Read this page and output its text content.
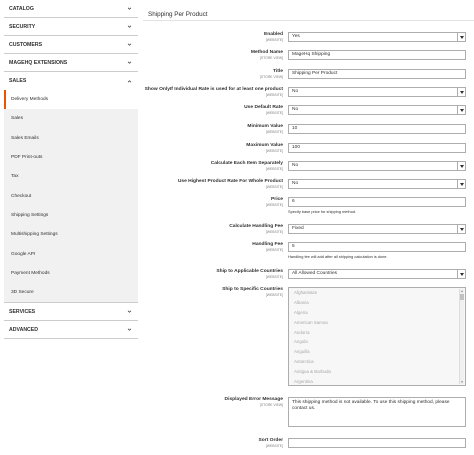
CATALOG
SECURITY
CUSTOMERS
MAGEHQ EXTENSIONS
SALES
Delivery Methods
Sales
Sales Emails
PDF Print-outs
Tax
Checkout
Shipping Settings
Multishipping Settings
Google API
Payment Methods
3D Secure
SERVICES
ADVANCED
Shipping Per Product
Enabled
[WEBSITE]
Yes
Method Name
[STORE VIEW]
MageHq Shipping
Title
[STORE VIEW]
Shipping Per Product
Show OnlyIf Individual Rate is used for at least one product
[WEBSITE]
No
Use Default Rate
[WEBSITE]
No
Minimum Value
[WEBSITE]
10
Maximum Value
[WEBSITE]
100
Calculate Each Item Separately
[WEBSITE]
No
Use Highest Product Rate For Whole Product
[WEBSITE]
No
Price
[WEBSITE]
6
Specify base price for shipping method.
Calculate Handling Fee
[WEBSITE]
Fixed
Handling Fee
[WEBSITE]
5
Handling fee will add after all shipping calculation is done.
Ship to Applicable Countries
[WEBSITE]
All Allowed Countries
Ship to Specific Countries
[WEBSITE]	Afghanistan
Albania
Algeria
American Samoa
Andorra
Angola
Anguilla
Antarctica
Antigua & Barbuda
Argentina
▲
▼
Displayed Error Message
[STORE VIEW]	This shipping method is not available. To use this shipping method, please contact us.
Sort Order
[WEBSITE]
